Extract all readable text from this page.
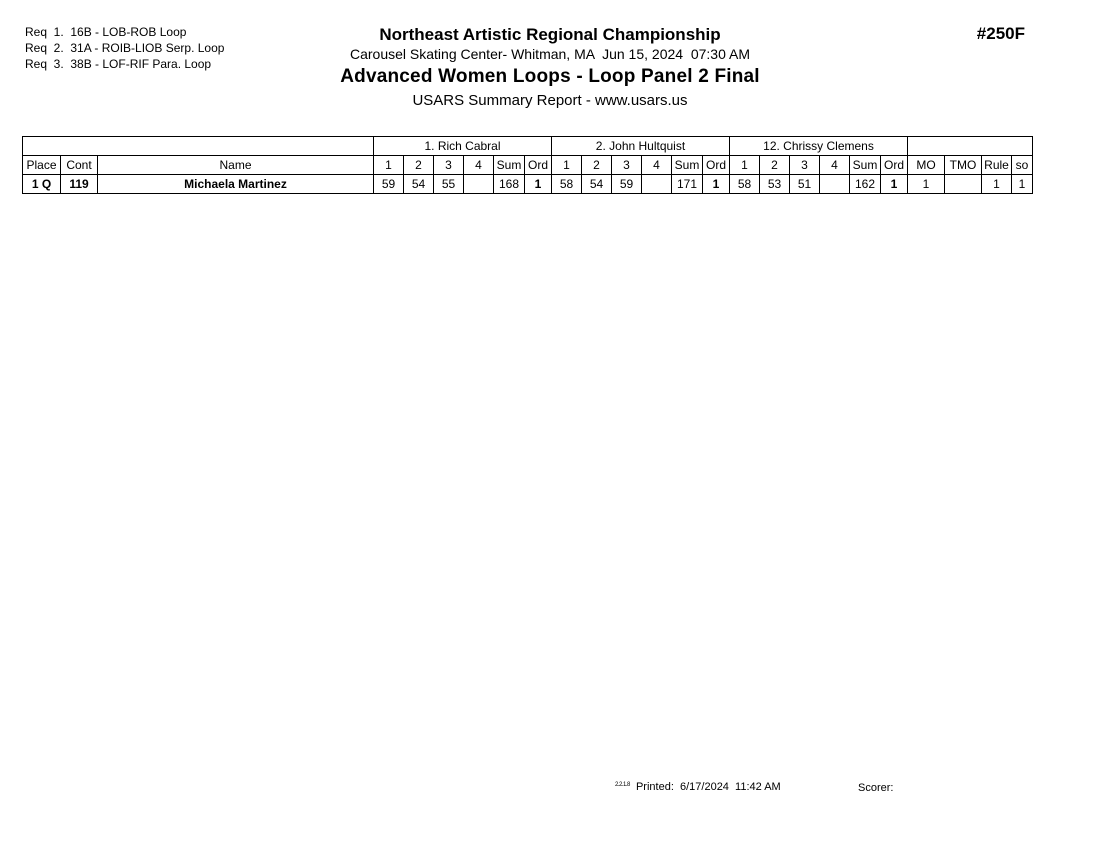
Req  1.  16B - LOB-ROB Loop
Req  2.  31A - ROIB-LIOB Serp. Loop
Req  3.  38B - LOF-RIF Para. Loop
Northeast Artistic Regional Championship
Carousel Skating Center- Whitman, MA  Jun 15, 2024  07:30 AM
Advanced Women Loops - Loop Panel 2 Final
USARS Summary Report - www.usars.us
#250F
			1. Rich Cabral						2. John Hultquist						12. Chrissy Clemens									
Place	Cont	Name	1	2	3	4	Sum	Ord	1	2	3	4	Sum	Ord	1	2	3	4	Sum	Ord	MO	TMO	Rule	so
1 Q	119	Michaela Martinez	59	54	55		168	1	58	54	59		171	1	58	53	51		162	1	1		1	1
$^{2.2.1.8}$  Printed:  6/17/2024  11:42 AM	Scorer:
